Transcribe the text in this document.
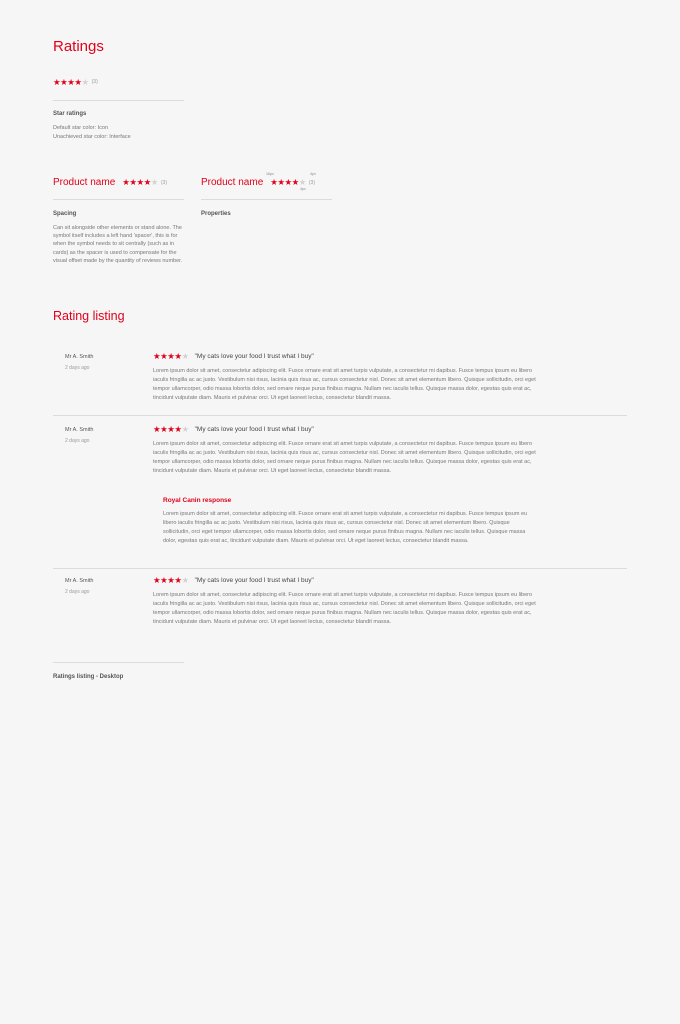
Ratings
★★★★★ (3)
Star ratings
Default star color: Icon
Unachieved star color: Interface
Product name ★★★★★ (3)
Spacing
Can sit alongside other elements or stand alone. The symbol itself includes a left hand 'spacer', this is for when the symbol needs to sit centrally (such as in cards) as the spacer is used to compensate for the visual offset made by the quantity of reviews number.
16px	4px
Product name ★★★★★ (3)
4px
Properties
Rating listing
Mr A. Smith
2 days ago
★★★★★ "My cats love your food I trust what I buy"
Lorem ipsum dolor sit amet, consectetur adipiscing elit. Fusce ornare erat sit amet turpis vulputate, a consectetur mi dapibus. Fusce tempus ipsum eu libero
iaculis fringilla ac ac justo. Vestibulum nisi risus, lacinia quis risus ac, cursus consectetur nisl. Donec sit amet elementum libero. Quisque sollicitudin, orci eget
tempor ullamcorper, odio massa lobortis dolor, sed ornare neque purus finibus magna. Nullam nec iaculis tellus. Quisque massa dolor, egestas quis erat ac,
tincidunt vulputate diam. Mauris et pulvinar orci. Ut eget laoreet lectus, consectetur blandit massa.
Mr A. Smith
2 days ago
★★★★★ "My cats love your food I trust what I buy"
Lorem ipsum dolor sit amet, consectetur adipiscing elit. Fusce ornare erat sit amet turpis vulputate, a consectetur mi dapibus. Fusce tempus ipsum eu libero
iaculis fringilla ac ac justo. Vestibulum nisi risus, lacinia quis risus ac, cursus consectetur nisl. Donec sit amet elementum libero. Quisque sollicitudin, orci eget
tempor ullamcorper, odio massa lobortis dolor, sed ornare neque purus finibus magna. Nullam nec iaculis tellus. Quisque massa dolor, egestas quis erat ac,
tincidunt vulputate diam. Mauris et pulvinar orci. Ut eget laoreet lectus, consectetur blandit massa.
Royal Canin response
Lorem ipsum dolor sit amet, consectetur adipiscing elit. Fusce ornare erat sit amet turpis vulputate, a consectetur mi dapibus. Fusce tempus ipsum eu
libero iaculis fringilla ac ac justo. Vestibulum nisi risus, lacinia quis risus ac, cursus consectetur nisl. Donec sit amet elementum libero. Quisque
sollicitudin, orci eget tempor ullamcorper, odio massa lobortis dolor, sed ornare neque purus finibus magna. Nullam nec iaculis tellus. Quisque massa
dolor, egestas quis erat ac, tincidunt vulputate diam. Mauris et pulvinar orci. Ut eget laoreet lectus, consectetur blandit massa.
Mr A. Smith
2 days ago
★★★★★ "My cats love your food I trust what I buy"
Lorem ipsum dolor sit amet, consectetur adipiscing elit. Fusce ornare erat sit amet turpis vulputate, a consectetur mi dapibus. Fusce tempus ipsum eu libero
iaculis fringilla ac ac justo. Vestibulum nisi risus, lacinia quis risus ac, cursus consectetur nisl. Donec sit amet elementum libero. Quisque sollicitudin, orci eget
tempor ullamcorper, odio massa lobortis dolor, sed ornare neque purus finibus magna. Nullam nec iaculis tellus. Quisque massa dolor, egestas quis erat ac,
tincidunt vulputate diam. Mauris et pulvinar orci. Ut eget laoreet lectus, consectetur blandit massa.
Ratings listing - Desktop
